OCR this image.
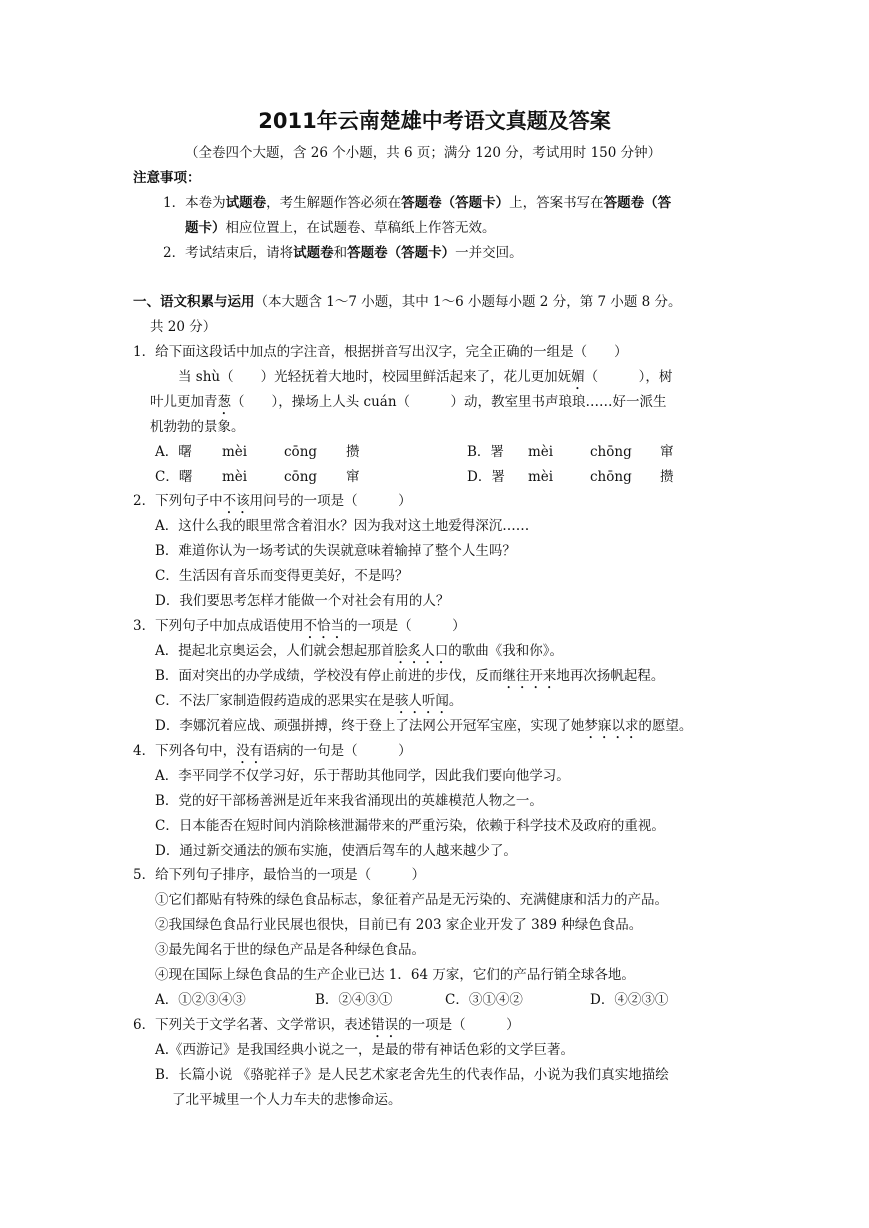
2011年云南楚雄中考语文真题及答案
（全卷四个大题，含 26 个小题，共 6 页；满分 120 分，考试用时 150 分钟）
注意事项：
1．本卷为试题卷，考生解题作答必须在答题卷（答题卡）上，答案书写在答题卷（答
题卡）相应位置上，在试题卷、草稿纸上作答无效。
2．考试结束后，请将试题卷和答题卷（答题卡）一并交回。
一、语文积累与运用（本大题含 1～7 小题，其中 1～6 小题每小题 2 分，第 7 小题 8 分。
共 20 分）
1．给下面这段话中加点的字注音，根据拼音写出汉字，完全正确的一组是（　　）
当 shù（　　）光轻抚着大地时，校园里鲜活起来了，花儿更加妩媚（　　　），树
叶儿更加青葱（　　），操场上人头 cuán（　　　）动，教室里书声琅琅……好一派生
机勃勃的景象。
A．曙 mèi	cōng 攒	B．署 mèi	chōng 窜
C．曙 mèi	cōng 窜	D．署 mèi	chōng 攒
2．下列句子中不该用问号的一项是（　　　）
A．这什么我的眼里常含着泪水？因为我对这土地爱得深沉……
B．难道你认为一场考试的失误就意味着输掉了整个人生吗？
C．生活因有音乐而变得更美好，不是吗？
D．我们要思考怎样才能做一个对社会有用的人？
3．下列句子中加点成语使用不恰当的一项是（　　　）
A．提起北京奥运会，人们就会想起那首脍炙人口的歌曲《我和你》。
B．面对突出的办学成绩，学校没有停止前进的步伐，反而继往开来地再次扬帆起程。
C．不法厂家制造假药造成的恶果实在是骇人听闻。
D．李娜沉着应战、顽强拼搏，终于登上了法网公开冠军宝座，实现了她梦寐以求的愿望。
4．下列各句中，没有语病的一句是（　　　）
A．李平同学不仅学习好，乐于帮助其他同学，因此我们要向他学习。
B．党的好干部杨善洲是近年来我省涌现出的英雄模范人物之一。
C．日本能否在短时间内消除核泄漏带来的严重污染，依赖于科学技术及政府的重视。
D．通过新交通法的颁布实施，使酒后驾车的人越来越少了。
5．给下列句子排序，最恰当的一项是（　　　）
①它们都贴有特殊的绿色食品标志，象征着产品是无污染的、充满健康和活力的产品。
②我国绿色食品行业民展也很快，目前已有 203 家企业开发了 389 种绿色食品。
③最先闻名于世的绿色产品是各种绿色食品。
④现在国际上绿色食品的生产企业已达 1．64 万家，它们的产品行销全球各地。
A．①②③④③	B．②④③①	C．③①④②	D．④②③①
6．下列关于文学名著、文学常识，表述错误的一项是（　　　）
A.《西游记》是我国经典小说之一，是最的带有神话色彩的文学巨著。
B．长篇小说 《骆驼祥子》是人民艺术家老舍先生的代表作品，小说为我们真实地描绘
了北平城里一个人力车夫的悲惨命运。
